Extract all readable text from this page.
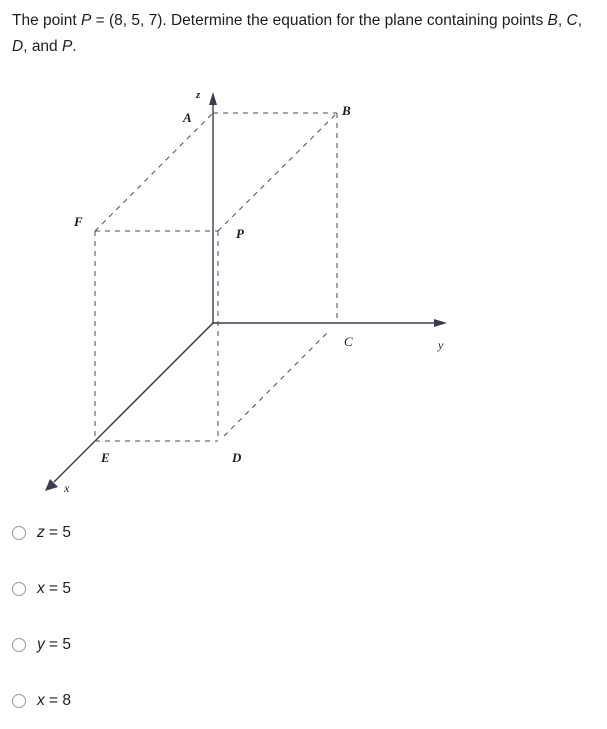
The point P = (8, 5, 7). Determine the equation for the plane containing points B, C, D, and P.
A	B
C
D
E
F
P
x
y
z
z = 5
x = 5
y = 5
x = 8
